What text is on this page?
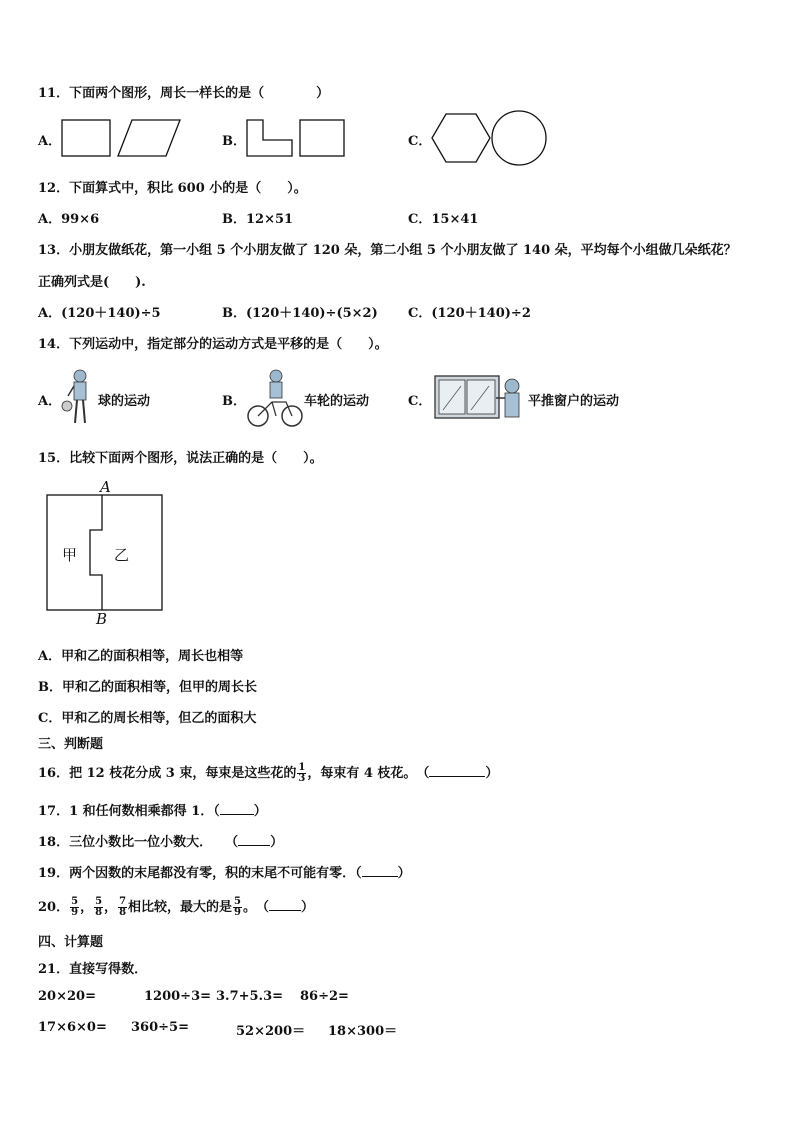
11．下面两个图形，周长一样长的是（　　　　）
A．	B．	C．
12．下面算式中，积比 600 小的是（　　）。
A．99×6	B．12×51	C．15×41
13．小朋友做纸花，第一小组 5 个小朋友做了 120 朵，第二小组 5 个小朋友做了 140 朵，平均每个小组做几朵纸花？
正确列式是(　　).
A．(120＋140)÷5	B．(120＋140)÷(5×2) C．(120＋140)÷2
14．下列运动中，指定部分的运动方式是平移的是（　　）。
A．	球的运动	B．	车轮的运动	C．	平推窗户的运动
15．比较下面两个图形，说法正确的是（　　）。
A
B
甲 乙
A．甲和乙的面积相等，周长也相等
B．甲和乙的面积相等，但甲的周长长
C．甲和乙的周长相等，但乙的面积大
三、判断题
16．把 12 枝花分成 3 束，每束是这些花的 $\frac{1}{3}$ ，每束有 4 枝花。　（	）
17．1 和任何数相乘都得 1．（	）
18．三位小数比一位小数大．　　（ ）
19．两个因数的末尾都没有零，积的末尾不可能有零．（	）
20． $\frac{5}{9}$ ， $\frac{5}{8}$ ， $\frac{7}{8}$ 相比较，最大的是 $\frac{5}{9}$ 。　（ ）
四、计算题
21．直接写得数．
20×20=	1200÷3= 3.7+5.3= 86÷2=
17×6×0= 360÷5=	52×200＝ 18×300＝
